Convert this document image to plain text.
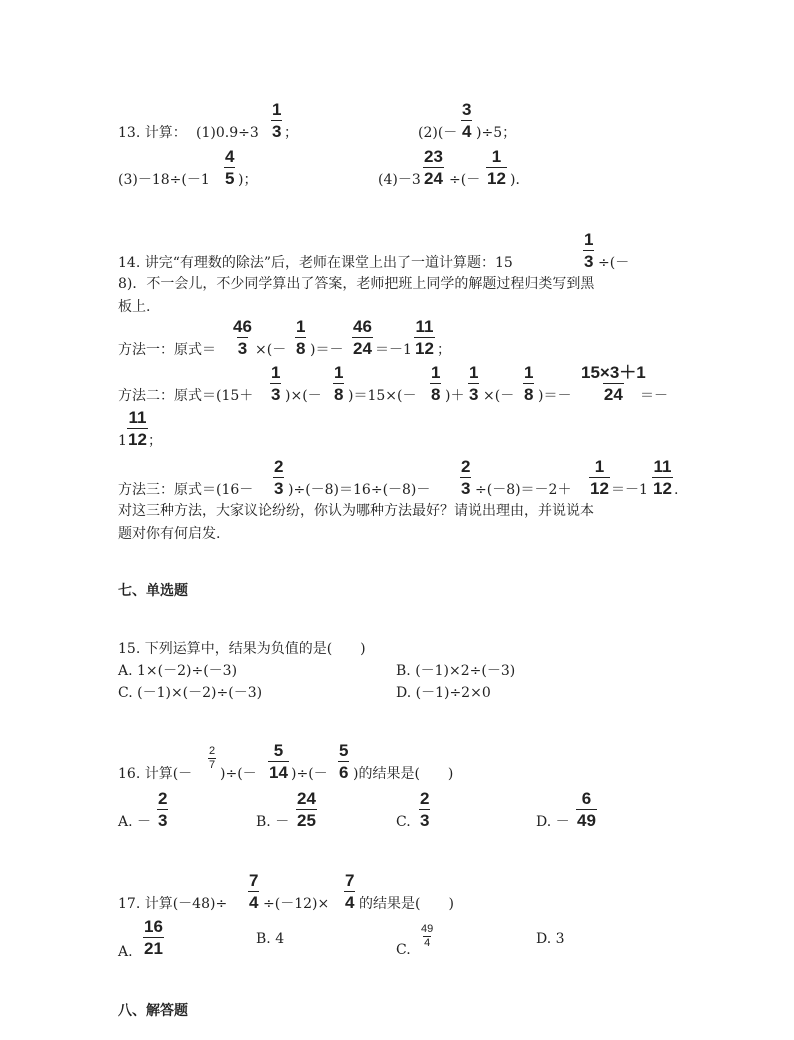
13. 计算： (1)0.9÷3
1
3 ；	(2)(－
3
4 )÷5；
(3)－18÷(－1
4
5 )；	(4)－3
23
24 ÷(－
1
12 )．
14. 讲完“有理数的除法”后，老师在课堂上出了一道计算题：15
1
3 ÷(－
8)．不一会儿，不少同学算出了答案，老师把班上同学的解题过程归类写到黑
板上.
方法一：原式＝
46
3 ×(－
1
8 )＝－
46
24 ＝－1
11
12 ；
方法二：原式＝(15＋
1
3 )×(－
1
8 )＝15×(－
1
8 )＋
1
3 ×(－
1
8 )＝－
15×3＋1
24 ＝－
1
11
12 ；
方法三：原式＝(16－
2
3 )÷(－8)＝16÷(－8)－
2
3 ÷(－8)＝－2＋
1
12 ＝－1
11
12 .
对这三种方法，大家议论纷纷，你认为哪种方法最好？请说出理由，并说说本
题对你有何启发.
七、单选题
15. 下列运算中，结果为负值的是(　　)
A. 1×(－2)÷(－3)	B. (－1)×2÷(－3)
C. (－1)×(－2)÷(－3)	D. (－1)÷2×0
16. 计算(－
2
7
)÷(－
5
14 )÷(－
5
6 )的结果是(　　)
A. －
2
3	B. －
24
25	C.
2
3	D. －
6
49
17. 计算(－48)÷
7
4 ÷(－12)×
7
4 的结果是(　　)
A.
16
21	B. 4
C.
49
4	D. 3
八、解答题
